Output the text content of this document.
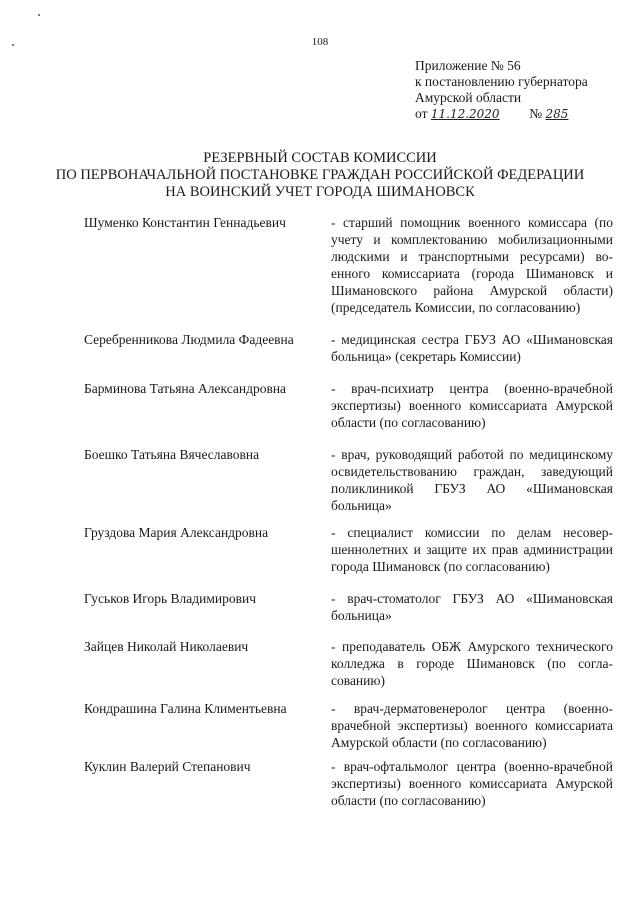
108
Приложение № 56
к постановлению губернатора
Амурской области
от 11.12.2020 № 285
РЕЗЕРВНЫЙ СОСТАВ КОМИССИИ
ПО ПЕРВОНАЧАЛЬНОЙ ПОСТАНОВКЕ ГРАЖДАН РОССИЙСКОЙ ФЕДЕРАЦИИ
НА ВОИНСКИЙ УЧЕТ ГОРОДА ШИМАНОВСК
Шуменко Константин Геннадьевич	- старший помощник военного комиссара (по учету и комплектованию мобилизационными людскими и транспортными ресурсами) военного комиссариата (города Шимановск и Шимановского района Амурской области) (председатель Комиссии, по согласованию)
Серебренникова Людмила Фадеевна	- медицинская сестра ГБУЗ АО «Шимановская больница» (секретарь Комиссии)
Барминова Татьяна Александровна	- врач-психиатр центра (военно-врачебной экспертизы) военного комиссариата Амурской области (по согласованию)
Боешко Татьяна Вячеславовна	- врач, руководящий работой по медицинскому освидетельствованию граждан, заведующий поликлиникой ГБУЗ АО «Шимановская больница»
Груздова Мария Александровна	- специалист комиссии по делам несовершеннолетних и защите их прав администрации города Шимановск (по согласованию)
Гуськов Игорь Владимирович	- врач-стоматолог ГБУЗ АО «Шимановская больница»
Зайцев Николай Николаевич	- преподаватель ОБЖ Амурского технического колледжа в городе Шимановск (по согласованию)
Кондрашина Галина Климентьевна	- врач-дерматовенеролог центра (военно-врачебной экспертизы) военного комиссариата Амурской области (по согласованию)
Куклин Валерий Степанович	- врач-офтальмолог центра (военно-врачебной экспертизы) военного комиссариата Амурской области (по согласованию)
